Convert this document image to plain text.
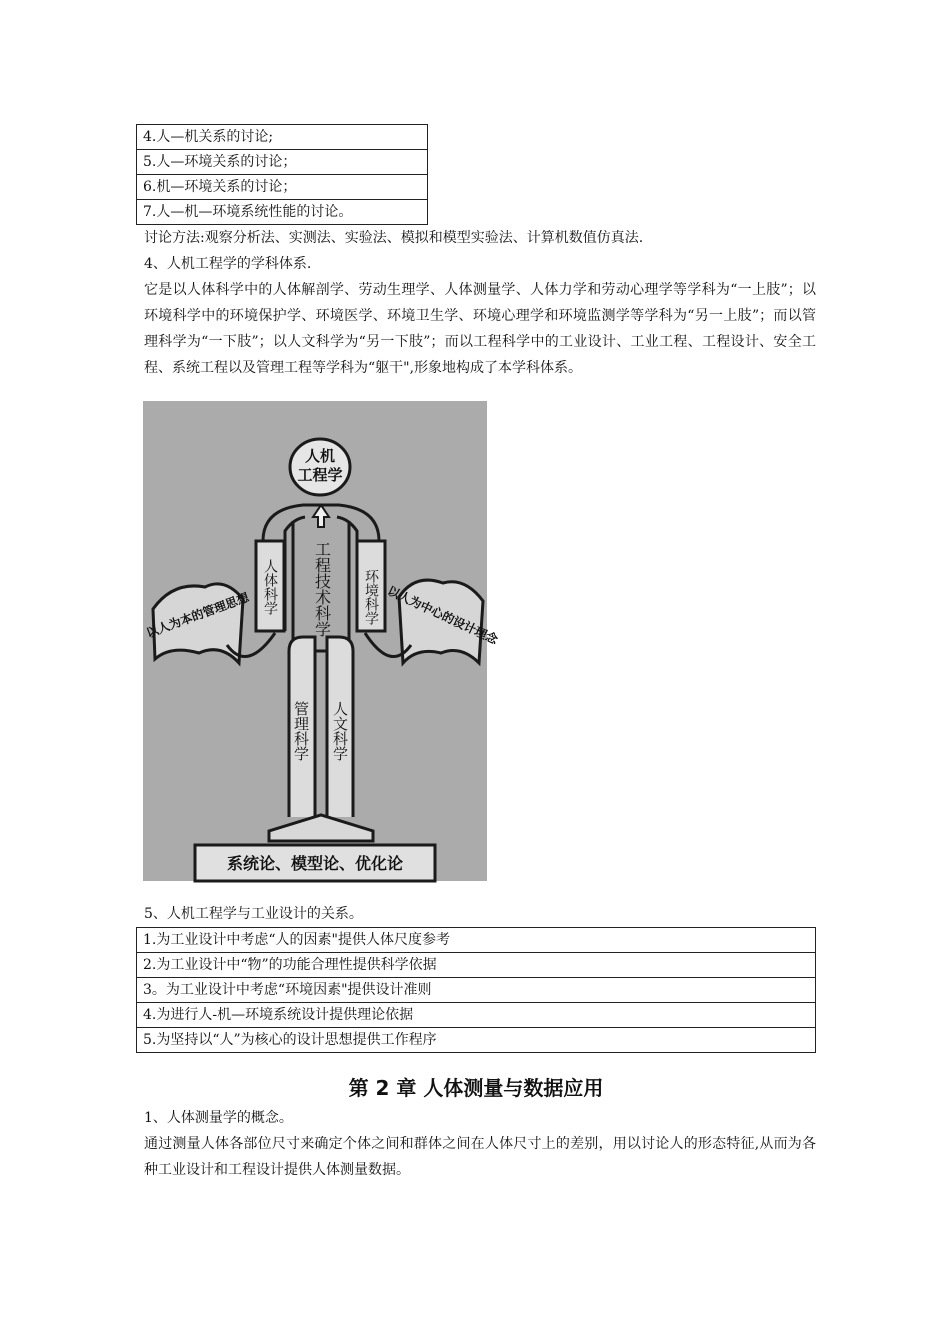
4.人—机关系的讨论;
5.人—环境关系的讨论；
6.机—环境关系的讨论；
7.人—机—环境系统性能的讨论。

讨论方法:观察分析法、实测法、实验法、模拟和模型实验法、计算机数值仿真法.

4、人机工程学的学科体系.

它是以人体科学中的人体解剖学、劳动生理学、人体测量学、人体力学和劳动心理学等学科为“一上肢”；以环境科学中的环境保护学、环境医学、环境卫生学、环境心理学和环境监测学等学科为“另一上肢”；而以管理科学为“一下肢”；以人文科学为“另一下肢”；而以工程科学中的工业设计、工业工程、工程设计、安全工程、系统工程以及管理工程等学科为“躯干",形象地构成了本学科体系。

人机
工程学
工程技术科学
人体科学	环境科学
管理科学 人文科学
以人为本的管理思想	以人为中心的设计理念
系统论、模型论、优化论

5、人机工程学与工业设计的关系。

1.为工业设计中考虑“人的因素"提供人体尺度参考
2.为工业设计中“物”的功能合理性提供科学依据
3。为工业设计中考虑“环境因素"提供设计准则
4.为进行人-机—环境系统设计提供理论依据
5.为坚持以“人”为核心的设计思想提供工作程序
第 2 章 人体测量与数据应用

1、人体测量学的概念。

通过测量人体各部位尺寸来确定个体之间和群体之间在人体尺寸上的差别，用以讨论人的形态特征,从而为各种工业设计和工程设计提供人体测量数据。
